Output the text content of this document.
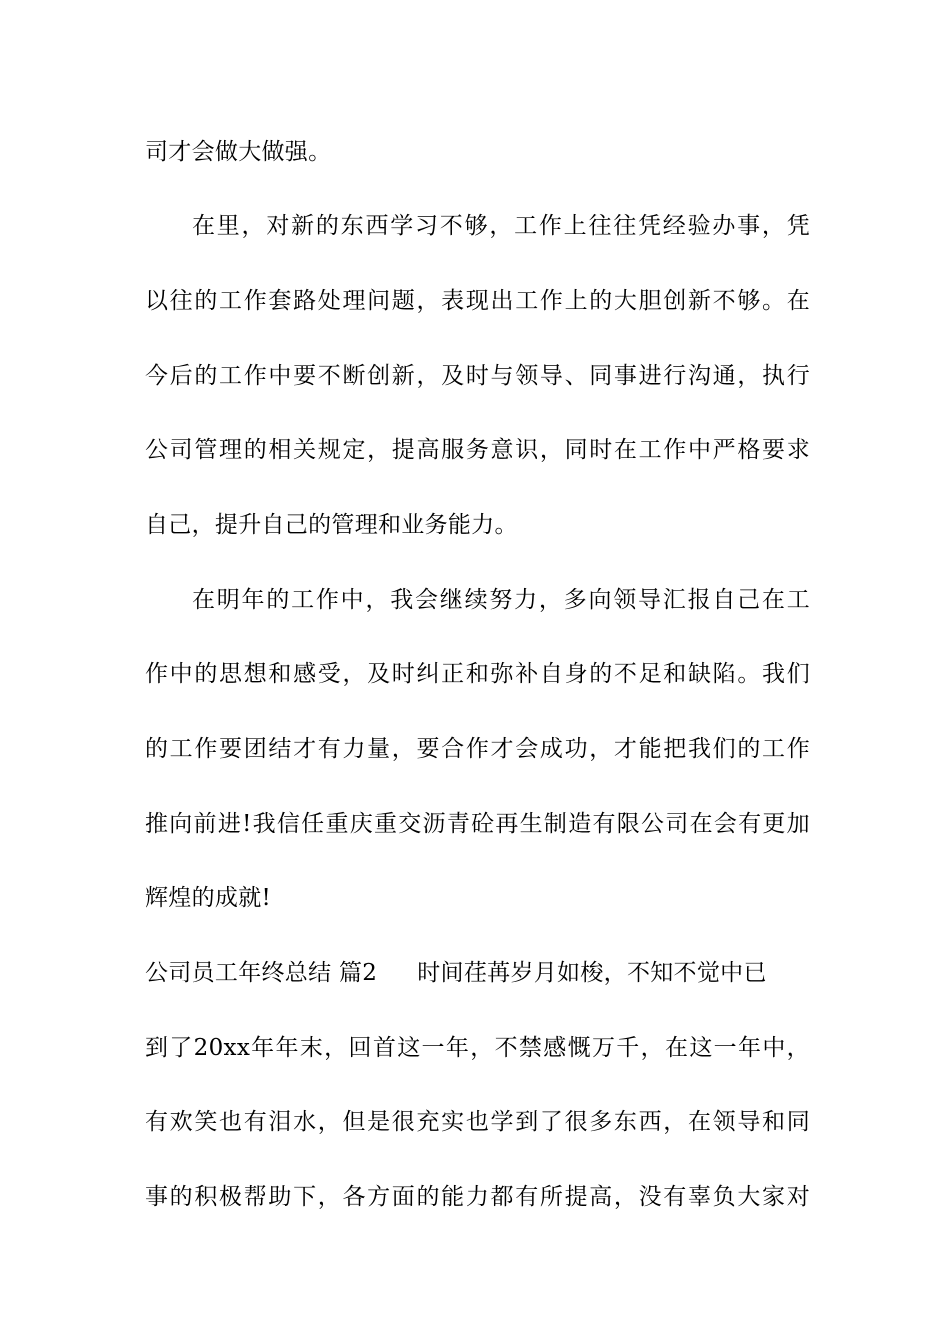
司才会做大做强。
在里，对新的东西学习不够，工作上往往凭经验办事，凭
以往的工作套路处理问题，表现出工作上的大胆创新不够。在
今后的工作中要不断创新，及时与领导、同事进行沟通，执行
公司管理的相关规定，提高服务意识，同时在工作中严格要求
自己，提升自己的管理和业务能力。
在明年的工作中，我会继续努力，多向领导汇报自己在工
作中的思想和感受，及时纠正和弥补自身的不足和缺陷。我们
的工作要团结才有力量，要合作才会成功，才能把我们的工作
推向前进!我信任重庆重交沥青砼再生制造有限公司在会有更加
辉煌的成就!
公司员工年终总结 篇2 时间荏苒岁月如梭，不知不觉中已
到了20xx年年末，回首这一年，不禁感慨万千，在这一年中，
有欢笑也有泪水，但是很充实也学到了很多东西，在领导和同
事的积极帮助下，各方面的能力都有所提高，没有辜负大家对
